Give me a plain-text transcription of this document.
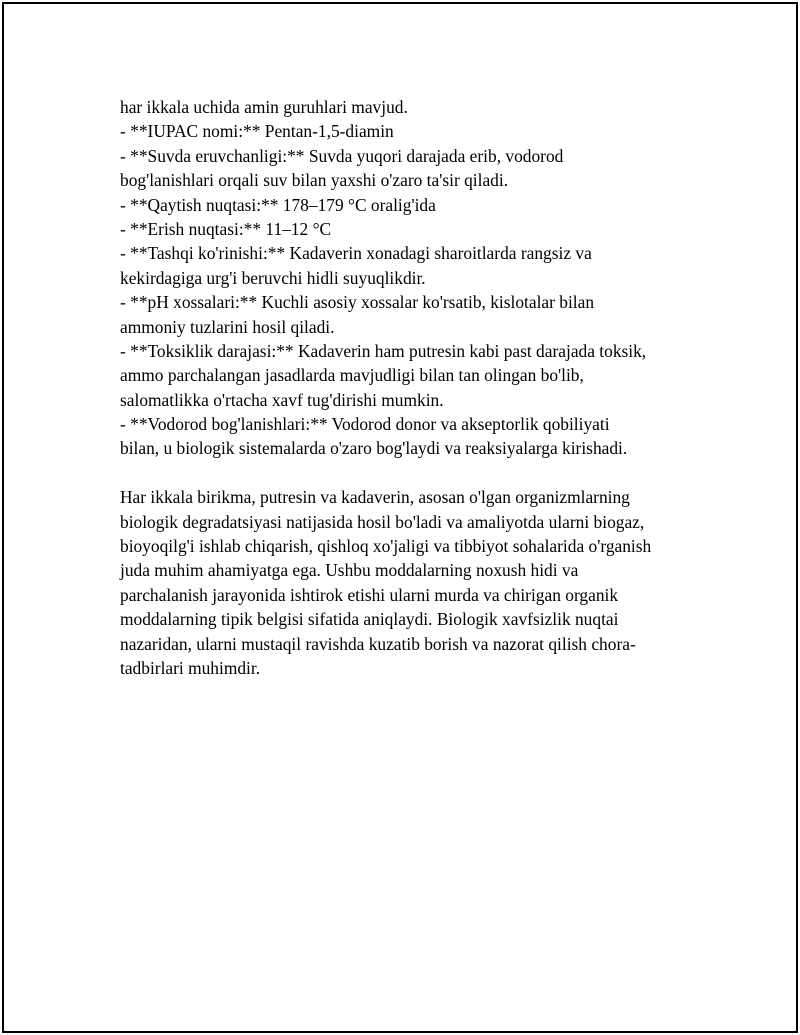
har ikkala uchida amin guruhlari mavjud.
- **IUPAC nomi:** Pentan-1,5-diamin
- **Suvda eruvchanligi:** Suvda yuqori darajada erib, vodorod
bog'lanishlari orqali suv bilan yaxshi o'zaro ta'sir qiladi.
- **Qaytish nuqtasi:** 178–179 °C oralig'ida
- **Erish nuqtasi:** 11–12 °C
- **Tashqi ko'rinishi:** Kadaverin xonadagi sharoitlarda rangsiz va
kekirdagiga urg'i beruvchi hidli suyuqlikdir.
- **pH xossalari:** Kuchli asosiy xossalar ko'rsatib, kislotalar bilan
ammoniy tuzlarini hosil qiladi.
- **Toksiklik darajasi:** Kadaverin ham putresin kabi past darajada toksik,
ammo parchalangan jasadlarda mavjudligi bilan tan olingan bo'lib,
salomatlikka o'rtacha xavf tug'dirishi mumkin.
- **Vodorod bog'lanishlari:** Vodorod donor va akseptorlik qobiliyati
bilan, u biologik sistemalarda o'zaro bog'laydi va reaksiyalarga kirishadi.
Har ikkala birikma, putresin va kadaverin, asosan o'lgan organizmlarning
biologik degradatsiyasi natijasida hosil bo'ladi va amaliyotda ularni biogaz,
bioyoqilg'i ishlab chiqarish, qishloq xo'jaligi va tibbiyot sohalarida o'rganish
juda muhim ahamiyatga ega. Ushbu moddalarning noxush hidi va
parchalanish jarayonida ishtirok etishi ularni murda va chirigan organik
moddalarning tipik belgisi sifatida aniqlaydi. Biologik xavfsizlik nuqtai
nazaridan, ularni mustaqil ravishda kuzatib borish va nazorat qilish chora-
tadbirlari muhimdir.
